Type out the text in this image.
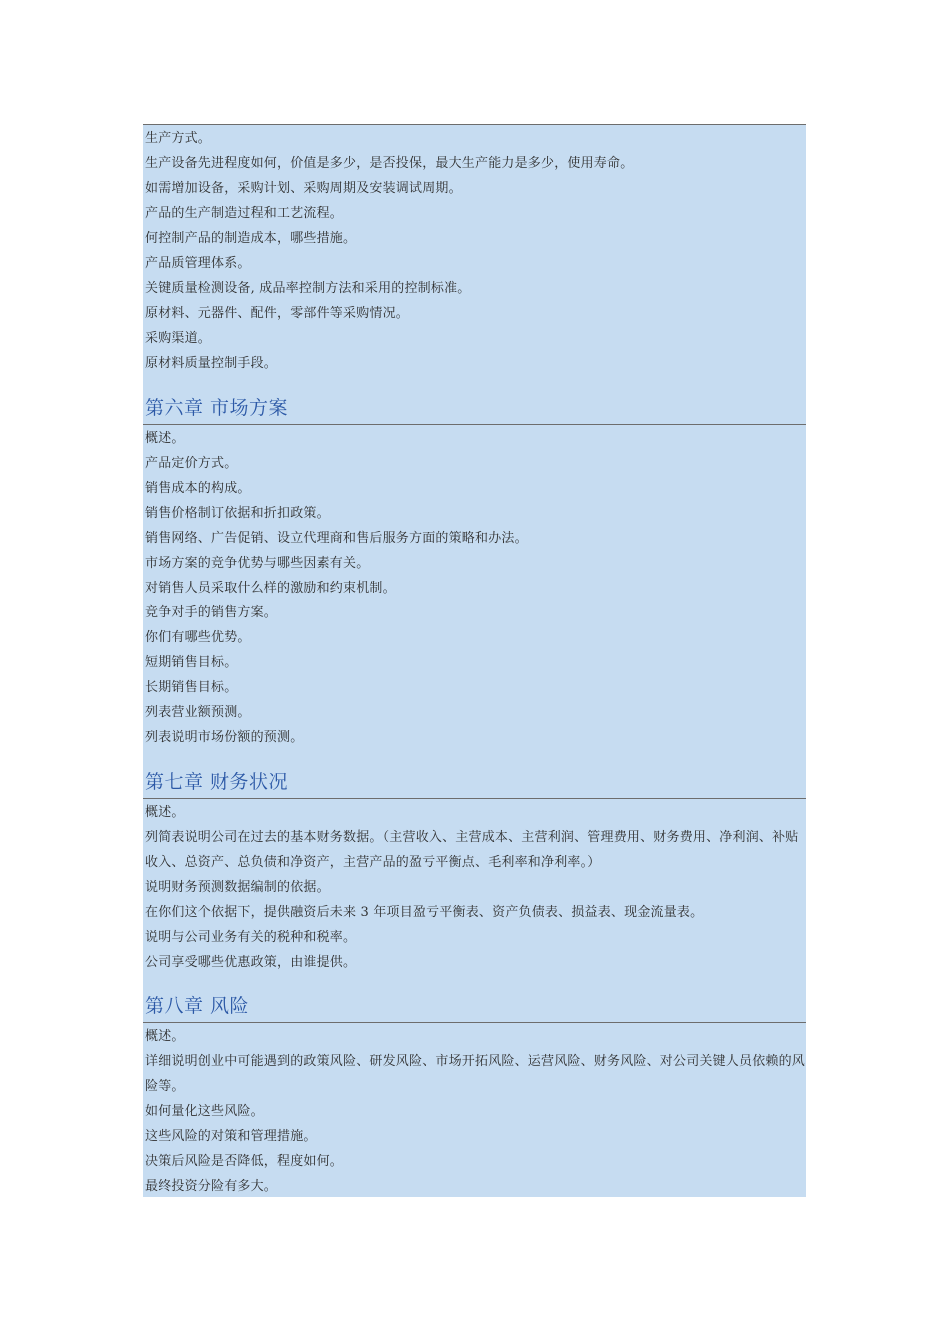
生产方式。
生产设备先进程度如何，价值是多少，是否投保，最大生产能力是多少，使用寿命。
如需增加设备，采购计划、采购周期及安装调试周期。
产品的生产制造过程和工艺流程。
何控制产品的制造成本，哪些措施。
产品质管理体系。
关键质量检测设备, 成品率控制方法和采用的控制标准。
原材料、元器件、配件，零部件等采购情况。
采购渠道。
原材料质量控制手段。
第六章 市场方案
概述。
产品定价方式。
销售成本的构成。
销售价格制订依据和折扣政策。
销售网络、广告促销、设立代理商和售后服务方面的策略和办法。
市场方案的竞争优势与哪些因素有关。
对销售人员采取什么样的激励和约束机制。
竞争对手的销售方案。
你们有哪些优势。
短期销售目标。
长期销售目标。
列表营业额预测。
列表说明市场份额的预测。
第七章 财务状况
概述。
列简表说明公司在过去的基本财务数据。（主营收入、主营成本、主营利润、管理费用、财务费用、净利润、补贴收入、总资产、总负债和净资产，主营产品的盈亏平衡点、毛利率和净利率。）
说明财务预测数据编制的依据。
在你们这个依据下，提供融资后未来 3 年项目盈亏平衡表、资产负债表、损益表、现金流量表。
说明与公司业务有关的税种和税率。
公司享受哪些优惠政策，由谁提供。
第八章 风险
概述。
详细说明创业中可能遇到的政策风险、研发风险、市场开拓风险、运营风险、财务风险、对公司关键人员依赖的风险等。
如何量化这些风险。
这些风险的对策和管理措施。
决策后风险是否降低，程度如何。
最终投资分险有多大。
